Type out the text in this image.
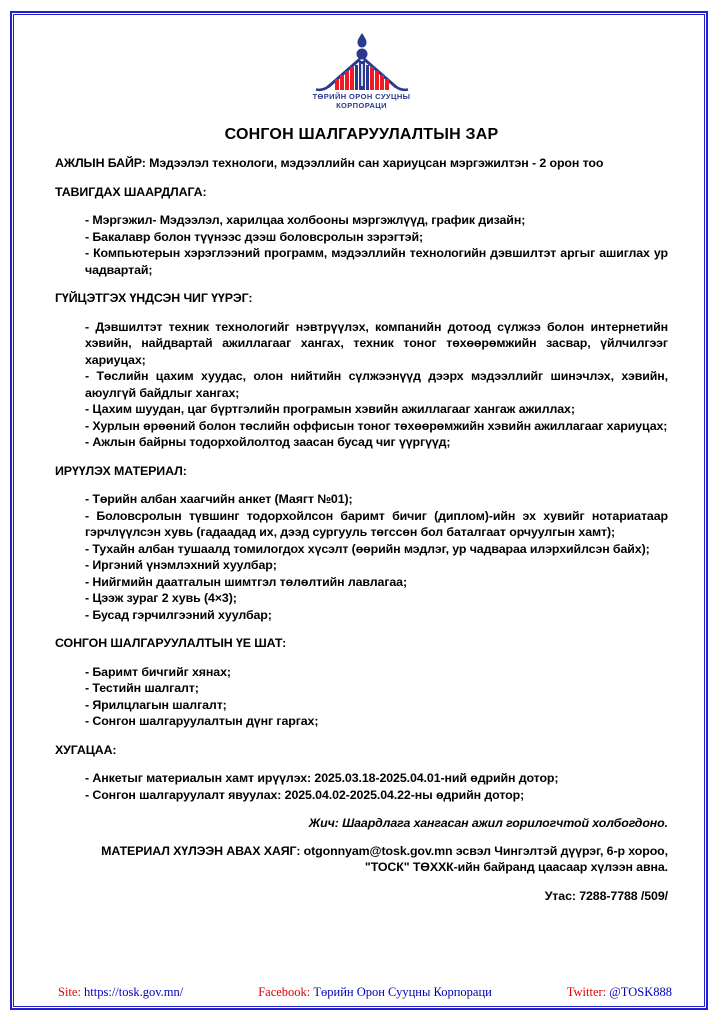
ТӨРИЙН ОРОН СУУЦНЫ
КОРПОРАЦИ

СОНГОН ШАЛГАРУУЛАЛТЫН ЗАР

АЖЛЫН БАЙР: Мэдээлэл технологи, мэдээллийн сан хариуцсан мэргэжилтэн - 2 орон тоо

ТАВИГДАХ ШААРДЛАГА:

- Мэргэжил- Мэдээлэл, харилцаа холбооны мэргэжлүүд, график дизайн;

- Бакалавр болон түүнээс дээш боловсролын зэрэгтэй;

- Компьютерын хэрэглээний программ, мэдээллийн технологийн дэвшилтэт аргыг ашиглах ур чадвартай;

ГҮЙЦЭТГЭХ ҮНДСЭН ЧИГ ҮҮРЭГ:

- Дэвшилтэт техник технологийг нэвтрүүлэх, компанийн дотоод сүлжээ болон интернетийн хэвийн, найдвартай ажиллагааг хангах, техник тоног төхөөрөмжийн засвар, үйлчилгээг хариуцах;

- Төслийн цахим хуудас, олон нийтийн сүлжээнүүд дээрх мэдээллийг шинэчлэх, хэвийн, аюулгүй байдлыг хангах;

- Цахим шуудан, цаг бүртгэлийн програмын хэвийн ажиллагааг хангаж ажиллах;

- Хурлын өрөөний болон төслийн оффисын тоног төхөөрөмжийн хэвийн ажиллагааг хариуцах;

- Ажлын байрны тодорхойлолтод заасан бусад чиг үүргүүд;

ИРҮҮЛЭХ МАТЕРИАЛ:

- Төрийн албан хаагчийн анкет (Маягт №01);

- Боловсролын түвшинг тодорхойлсон баримт бичиг (диплом)-ийн эх хувийг нотариатаар гэрчлүүлсэн хувь (гадаадад их, дээд сургууль төгссөн бол баталгаат орчуулгын хамт);

- Тухайн албан тушаалд томилогдох хүсэлт (өөрийн мэдлэг, ур чадвараа илэрхийлсэн байх);

- Иргэний үнэмлэхний хуулбар;

- Нийгмийн даатгалын шимтгэл төлөлтийн лавлагаа;

- Цээж зураг 2 хувь (4×3);

- Бусад гэрчилгээний хуулбар;

СОНГОН ШАЛГАРУУЛАЛТЫН ҮЕ ШАТ:

- Баримт бичгийг хянах;

- Тестийн шалгалт;

- Ярилцлагын шалгалт;

- Сонгон шалгаруулалтын дүнг гаргах;

ХУГАЦАА:

- Анкетыг материалын хамт ирүүлэх: 2025.03.18-2025.04.01-ний өдрийн дотор;

- Сонгон шалгаруулалт явуулах: 2025.04.02-2025.04.22-ны өдрийн дотор;

Жич: Шаардлага хангасан ажил горилогчтой холбогдоно.

МАТЕРИАЛ ХҮЛЭЭН АВАХ ХАЯГ: otgonnyam@tosk.gov.mn эсвэл Чингэлтэй дүүрэг, 6-р хороо,
"ТОСК" ТӨХХК-ийн байранд цаасаар хүлээн авна.

Утас: 7288-7788 /509/

Site: https://tosk.gov.mn/	Facebook: Төрийн Орон Сууцны Корпораци	Twitter: @TOSK888
